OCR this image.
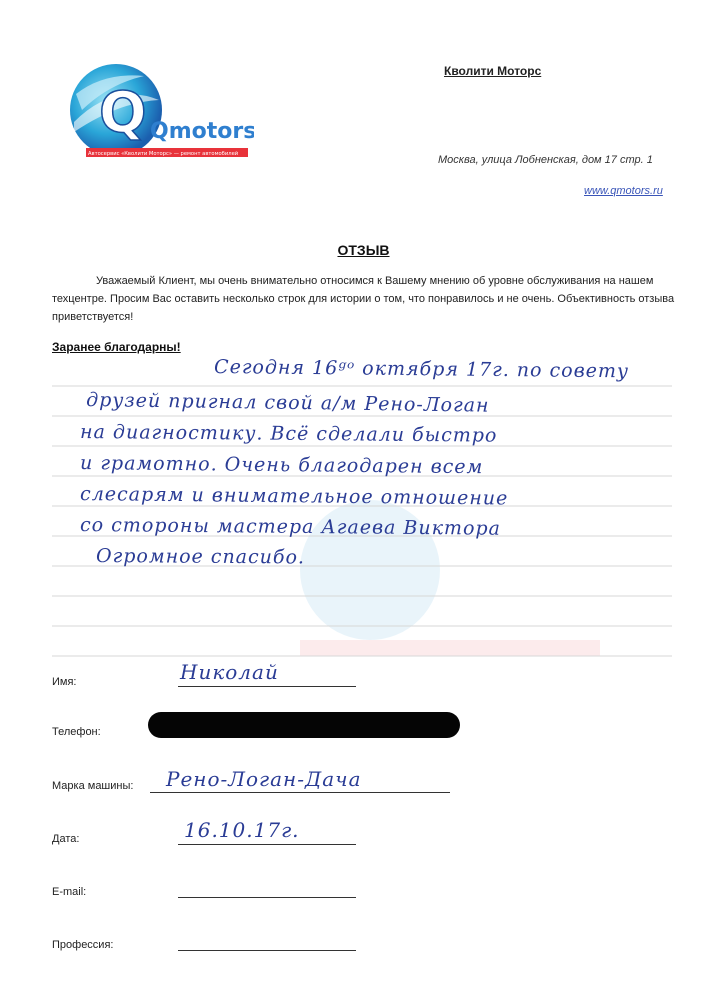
Q Qmotors
Автосервис «Кволити Моторс» — ремонт автомобилей
Кволити Моторс
Москва, улица Лобненская, дом 17 стр. 1
www.qmotors.ru
ОТЗЫВ
Уважаемый Клиент, мы очень внимательно относимся к Вашему мнению об уровне обслуживания на нашем техцентре. Просим Вас оставить несколько строк для истории о том, что понравилось и не очень. Объективность отзыва приветствуется!
Заранее благодарны!
Сегодня 16ᵍᵒ октября 17г. по совету
друзей пригнал свой а/м Рено-Логан
на диагностику. Всё сделали быстро
и грамотно. Очень благодарен всем
слесарям и внимательное отношение
со стороны мастера Агаева Виктора
Огромное спасибо.
Имя:	Николай
Телефон:
Марка машины: Рено-Логан-Дача
Дата:	16.10.17г.
E-mail:
Профессия:
